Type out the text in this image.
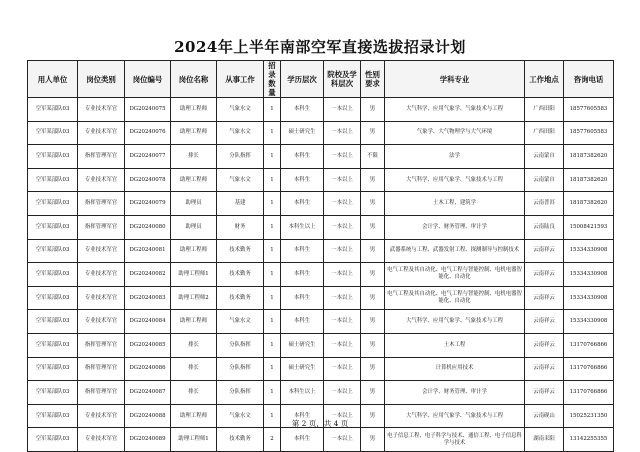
2024年上半年南部空军直接选拔招录计划
用人单位	岗位类别	岗位编号	岗位名称	从事工作	招录数量	学历层次	院校及学科层次	性别要求	学科专业	工作地点	咨询电话
空军某部队03	专业技术军官	DG20240075	助理工程师	气象水文	1	本科生	一本以上	男	大气科学、应用气象学、气象技术与工程	广西田阳	18577605583
空军某部队03	专业技术军官	DG20240076	助理工程师	气象水文	1	硕士研究生	一本以上	男	气象学、大气物理学与大气环境	广西田阳	18577605583
空军某部队03	指挥管理军官	DG20240077	排长	分队指挥	1	本科生	一本以上	不限	法学	云南蒙自	18187382620
空军某部队03	专业技术军官	DG20240078	助理工程师	气象水文	1	本科生	一本以上	男	大气科学、应用气象学、气象技术与工程	云南蒙自	18187382620
空军某部队03	指挥管理军官	DG20240079	助理员	基建	1	本科生	一本以上	男	土木工程、建筑学	云南普洱	18187382620
空军某部队03	指挥管理军官	DG20240080	助理员	财务	1	本科生以上	一本以上	男	会计学、财务管理、审计学	云南陆良	15008421593
空军某部队03	专业技术军官	DG20240081	助理工程师	技术勤务	1	本科生	一本以上	男	武器系统与工程、武器发射工程、探测制导与控制技术	云南祥云	15334330908
空军某部队03	专业技术军官	DG20240082	助理工程师1	技术勤务	1	本科生	一本以上	男	电气工程及其自动化、电气工程与智能控制、电机电器智能化、自动化	云南祥云	15334330908
空军某部队03	专业技术军官	DG20240083	助理工程师2	技术勤务	1	本科生	一本以上	男	电气工程及其自动化、电气工程与智能控制、电机电器智能化、自动化	云南祥云	15334330908
空军某部队03	专业技术军官	DG20240084	助理工程师	气象水文	1	本科生	一本以上	男	大气科学、应用气象学、气象技术与工程	云南祥云	15334330908
空军某部队03	指挥管理军官	DG20240085	排长	分队指挥	1	硕士研究生	一本以上	男	土木工程	云南祥云	13170766866
空军某部队03	指挥管理军官	DG20240086	排长	分队指挥	1	硕士研究生	一本以上	男	计算机应用技术	云南祥云	13170766866
空军某部队03	指挥管理军官	DG20240087	排长	分队指挥	1	本科生以上	一本以上	男	会计学、财务管理、审计学	云南祥云	13170766866
空军某部队03	专业技术军官	DG20240088	助理工程师	气象水文	1	本科生	一本以上	男	大气科学、应用气象学、气象技术与工程	云南砚山	15025231350
空军某部队03	专业技术军官	DG20240089	助理工程师1	技术勤务	2	本科生	一本以上	男	电子信息工程、电子科学与技术、通信工程、电子信息科学与技术	湖南耒阳	13142255355
第 2 页，共 4 页
